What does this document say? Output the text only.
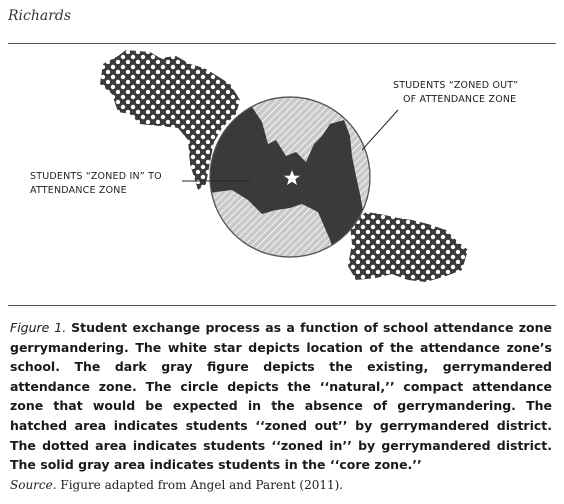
Richards
STUDENTS “ZONED OUT”
OF ATTENDANCE ZONE
STUDENTS “ZONED IN” TO
ATTENDANCE ZONE
Figure 1. Student exchange process as a function of school attendance zone gerrymandering. The white star depicts location of the attendance zone’s school. The dark gray figure depicts the existing, gerrymandered attendance zone. The circle depicts the ‘‘natural,’’ compact attendance zone that would be expected in the absence of gerrymandering. The hatched area indicates students ‘‘zoned out’’ by gerrymandered district. The dotted area indicates students ‘‘zoned in’’ by gerrymandered district. The solid gray area indicates students in the ‘‘core zone.’’
Source. Figure adapted from Angel and Parent (2011).
